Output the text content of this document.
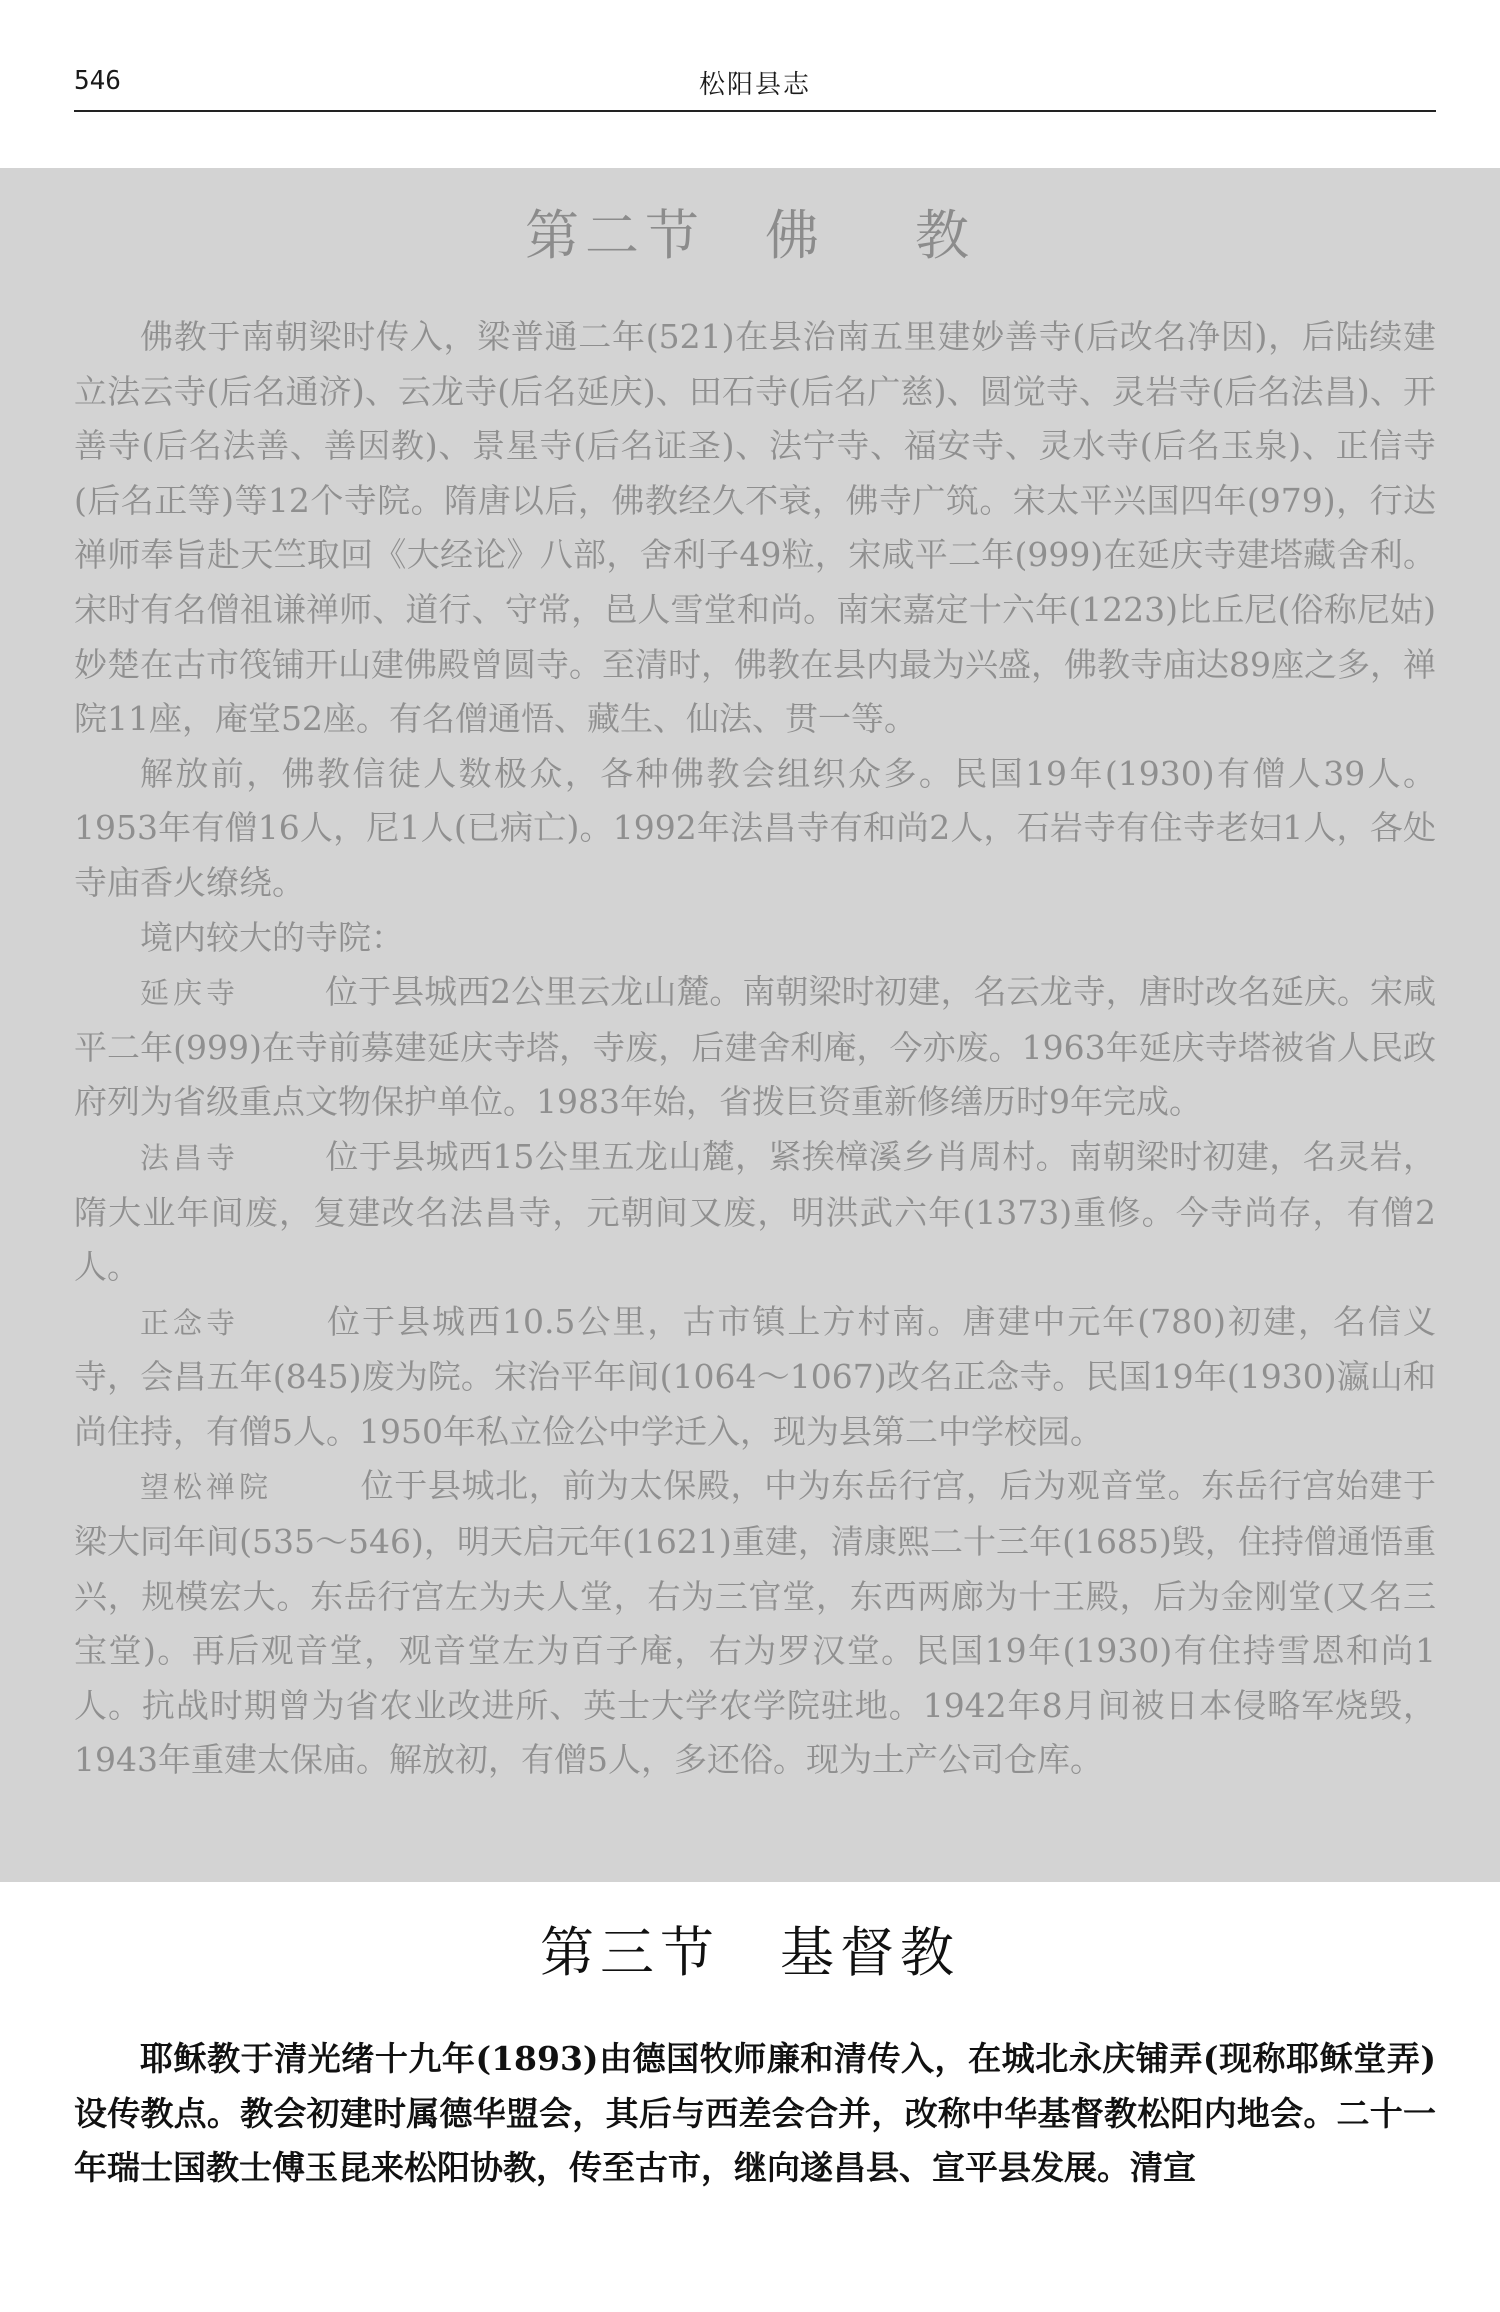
546	松阳县志
第二节 佛 教

佛教于南朝梁时传入，梁普通二年(521)在县治南五里建妙善寺(后改名净因)，后陆续建立法云寺(后名通济)、云龙寺(后名延庆)、田石寺(后名广慈)、圆觉寺、灵岩寺(后名法昌)、开善寺(后名法善、善因教)、景星寺(后名证圣)、法宁寺、福安寺、灵水寺(后名玉泉)、正信寺(后名正等)等12个寺院。隋唐以后，佛教经久不衰，佛寺广筑。宋太平兴国四年(979)，行达禅师奉旨赴天竺取回《大经论》八部，舍利子49粒，宋咸平二年(999)在延庆寺建塔藏舍利。宋时有名僧祖谦禅师、道行、守常，邑人雪堂和尚。南宋嘉定十六年(1223)比丘尼(俗称尼姑)妙楚在古市筏铺开山建佛殿曾圆寺。至清时，佛教在县内最为兴盛，佛教寺庙达89座之多，禅院11座，庵堂52座。有名僧通悟、藏生、仙法、贯一等。

解放前，佛教信徒人数极众，各种佛教会组织众多。民国19年(1930)有僧人39人。1953年有僧16人，尼1人(已病亡)。1992年法昌寺有和尚2人，石岩寺有住寺老妇1人，各处寺庙香火缭绕。

境内较大的寺院：

延庆寺	位于县城西2公里云龙山麓。南朝梁时初建，名云龙寺，唐时改名延庆。宋咸平二年(999)在寺前募建延庆寺塔，寺废，后建舍利庵，今亦废。1963年延庆寺塔被省人民政府列为省级重点文物保护单位。1983年始，省拨巨资重新修缮历时9年完成。

法昌寺	位于县城西15公里五龙山麓，紧挨樟溪乡肖周村。南朝梁时初建，名灵岩，隋大业年间废，复建改名法昌寺，元朝间又废，明洪武六年(1373)重修。今寺尚存，有僧2人。

正念寺	位于县城西10.5公里，古市镇上方村南。唐建中元年(780)初建，名信义寺，会昌五年(845)废为院。宋治平年间(1064～1067)改名正念寺。民国19年(1930)瀛山和尚住持，有僧5人。1950年私立俭公中学迁入，现为县第二中学校园。

望松禅院	位于县城北，前为太保殿，中为东岳行宫，后为观音堂。东岳行宫始建于梁大同年间(535～546)，明天启元年(1621)重建，清康熙二十三年(1685)毁，住持僧通悟重兴，规模宏大。东岳行宫左为夫人堂，右为三官堂，东西两廊为十王殿，后为金刚堂(又名三宝堂)。再后观音堂，观音堂左为百子庵，右为罗汉堂。民国19年(1930)有住持雪恩和尚1人。抗战时期曾为省农业改进所、英士大学农学院驻地。1942年8月间被日本侵略军烧毁，1943年重建太保庙。解放初，有僧5人，多还俗。现为土产公司仓库。

第三节 基督教

耶稣教于清光绪十九年(1893)由德国牧师廉和清传入，在城北永庆铺弄(现称耶稣堂弄)设传教点。教会初建时属德华盟会，其后与西差会合并，改称中华基督教松阳内地会。二十一年瑞士国教士傅玉昆来松阳协教，传至古市，继向遂昌县、宣平县发展。清宣
